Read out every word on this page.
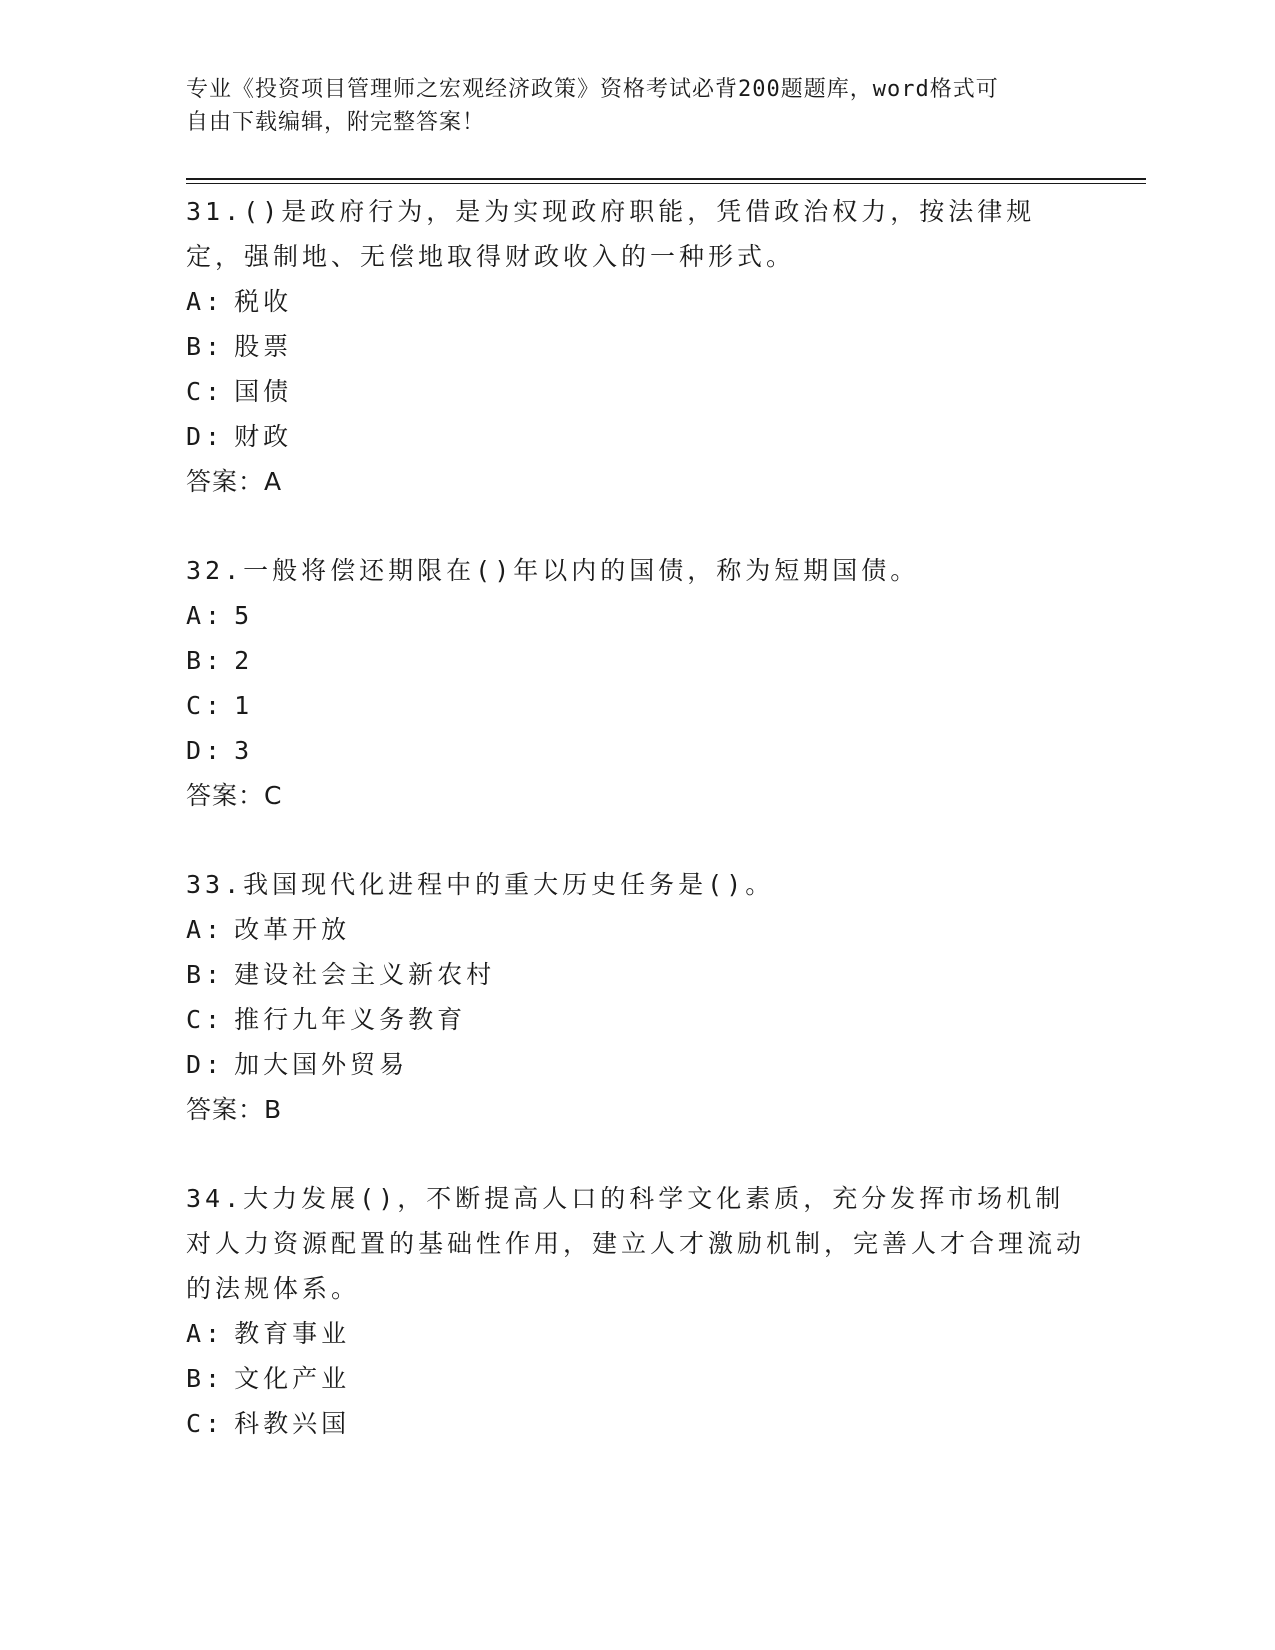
专业《投资项目管理师之宏观经济政策》资格考试必背200题题库，word格式可
自由下载编辑，附完整答案！

31.()是政府行为，是为实现政府职能，凭借政治权力，按法律规定，强制地、无偿地取得财政收入的一种形式。

A: 税收

B: 股票

C: 国债

D: 财政

答案：A

32.一般将偿还期限在()年以内的国债，称为短期国债。

A: 5

B: 2

C: 1

D: 3

答案：C

33.我国现代化进程中的重大历史任务是()。

A: 改革开放

B: 建设社会主义新农村

C: 推行九年义务教育

D: 加大国外贸易

答案：B

34.大力发展()，不断提高人口的科学文化素质，充分发挥市场机制对人力资源配置的基础性作用，建立人才激励机制，完善人才合理流动的法规体系。

A: 教育事业

B: 文化产业

C: 科教兴国
